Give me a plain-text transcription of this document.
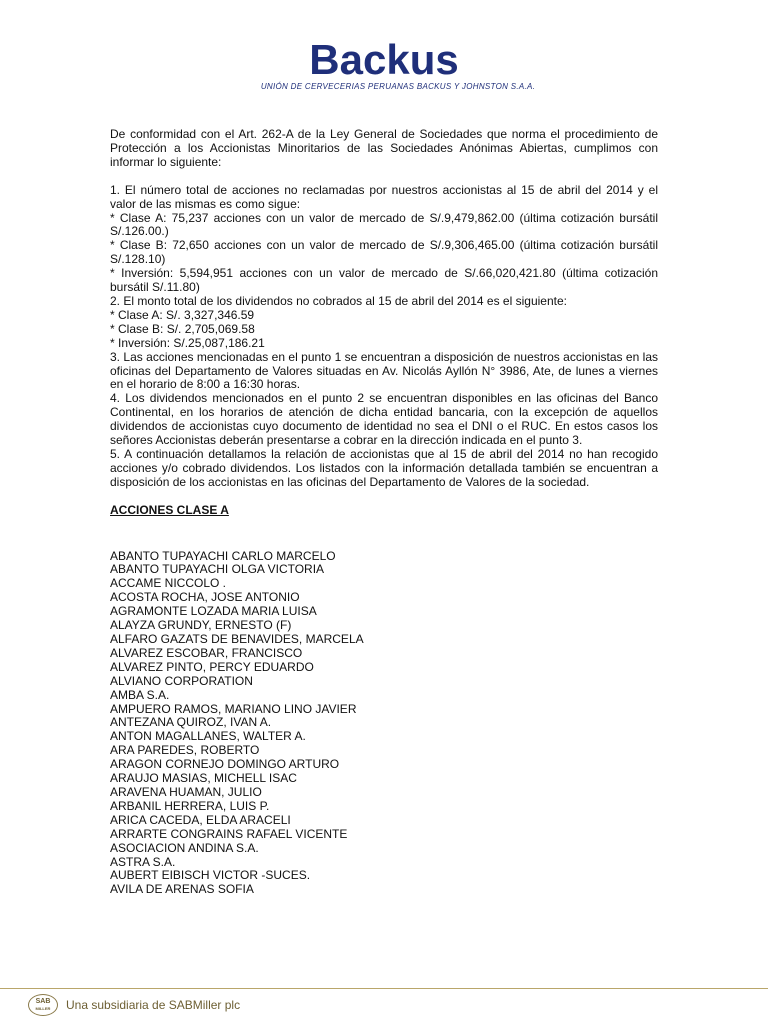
Backus
UNIÓN DE CERVECERIAS PERUANAS BACKUS Y JOHNSTON S.A.A.

De conformidad con el Art. 262-A de la Ley General de Sociedades que norma el procedimiento de Protección a los Accionistas Minoritarios de las Sociedades Anónimas Abiertas, cumplimos con informar lo siguiente:

1. El número total de acciones no reclamadas por nuestros accionistas al 15 de abril del 2014 y el valor de las mismas es como sigue:

* Clase A: 75,237 acciones con un valor de mercado de S/.9,479,862.00 (última cotización bursátil S/.126.00.)

* Clase B: 72,650 acciones con un valor de mercado de S/.9,306,465.00 (última cotización bursátil S/.128.10)

* Inversión: 5,594,951 acciones con un valor de mercado de S/.66,020,421.80 (última cotización bursátil S/.11.80)

2. El monto total de los dividendos no cobrados al 15 de abril del 2014 es el siguiente:

* Clase A: S/. 3,327,346.59

* Clase B: S/. 2,705,069.58

* Inversión: S/.25,087,186.21

3. Las acciones mencionadas en el punto 1 se encuentran a disposición de nuestros accionistas en las oficinas del Departamento de Valores situadas en Av. Nicolás Ayllón N° 3986, Ate, de lunes a viernes en el horario de 8:00 a 16:30 horas.

4. Los dividendos mencionados en el punto 2 se encuentran disponibles en las oficinas del Banco Continental, en los horarios de atención de dicha entidad bancaria, con la excepción de aquellos dividendos de accionistas cuyo documento de identidad no sea el DNI o el RUC. En estos casos los señores Accionistas deberán presentarse a cobrar en la dirección indicada en el punto 3.

5. A continuación detallamos la relación de accionistas que al 15 de abril del 2014 no han recogido acciones y/o cobrado dividendos. Los listados con la información detallada también se encuentran a disposición de los accionistas en las oficinas del Departamento de Valores de la sociedad.

ACCIONES CLASE A
ABANTO TUPAYACHI CARLO MARCELO
ABANTO TUPAYACHI OLGA VICTORIA
ACCAME NICCOLO .
ACOSTA ROCHA, JOSE ANTONIO
AGRAMONTE LOZADA MARIA LUISA
ALAYZA GRUNDY, ERNESTO (F)
ALFARO GAZATS DE BENAVIDES, MARCELA
ALVAREZ ESCOBAR, FRANCISCO
ALVAREZ PINTO, PERCY EDUARDO
ALVIANO CORPORATION
AMBA S.A.
AMPUERO RAMOS, MARIANO LINO JAVIER
ANTEZANA QUIROZ, IVAN A.
ANTON MAGALLANES, WALTER A.
ARA PAREDES, ROBERTO
ARAGON CORNEJO DOMINGO ARTURO
ARAUJO MASIAS, MICHELL ISAC
ARAVENA HUAMAN, JULIO
ARBANIL HERRERA, LUIS P.
ARICA CACEDA, ELDA ARACELI
ARRARTE CONGRAINS RAFAEL VICENTE
ASOCIACION ANDINA S.A.
ASTRA S.A.
AUBERT EIBISCH VICTOR -SUCES.
AVILA DE ARENAS SOFIA
SAB
MILLER Una subsidiaria de SABMiller plc
